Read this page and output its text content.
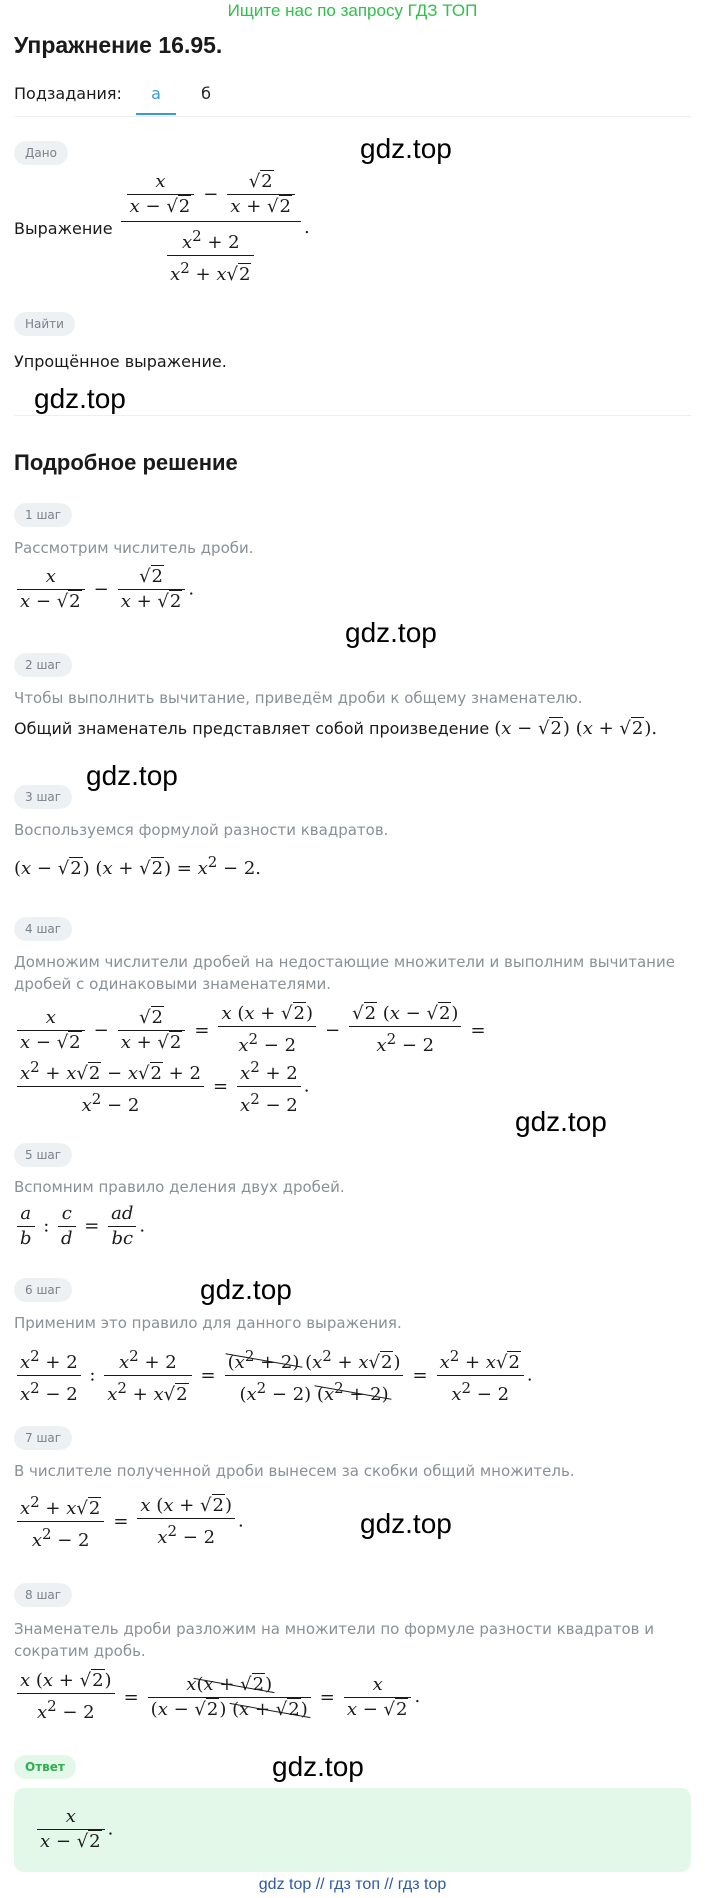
Ищите нас по запросу ГДЗ ТОП
Упражнение 16.95.
Подзадания:	а	б
Дано	gdz.top
Выражение $\frac{\frac{x}{x - √2} - \frac{√2}{x + √2}}{\frac{x^2 + 2}{x^2 + x√2}}$ .
Найти
Упрощённое выражение.
gdz.top
Подробное решение
1 шаг
Рассмотрим числитель дроби.
$\frac{x}{x - √2} - \frac{√2}{x + √2}$ .
gdz.top
2 шаг
Чтобы выполнить вычитание, приведём дроби к общему знаменателю.
Общий знаменатель представляет собой произведение (x − √2) (x + √2).
gdz.top
3 шаг
Воспользуемся формулой разности квадратов.
(x − √2) $(x + √2) = x^2 - 2$.
4 шаг
Домножим числители дробей на недостающие множители и выполним вычитание дробей с одинаковыми знаменателями.
$\frac{x}{x - √2} - \frac{√2}{x + √2} = \frac{x (x + √2)}{x^2 - 2} - \frac{√2 (x - √2)}{x^2 - 2}$ =
$\frac{x^2 + x√2 - x√2 + 2}{x^2 - 2} = \frac{x^2 + 2}{x^2 - 2}$ .
gdz.top
5 шаг
Вспомним правило деления двух дробей.
$\frac{a}{b}$ : $\frac{c}{d} = \frac{ad}{bc}$ .
gdz.top
6 шаг
Применим это правило для данного выражения.
$\frac{x^2 + 2}{x^2 - 2}$ : $\frac{x^2 + 2}{x^2 + x√2} = \frac{(x^2 + 2) (x^2 + x√2)}{(x^2 - 2) (x^2 + 2)} = \frac{x^2 + x√2}{x^2 - 2}$ .
7 шаг
В числителе полученной дроби вынесем за скобки общий множитель.
$\frac{x^2 + x√2}{x^2 - 2} = \frac{x (x + √2)}{x^2 - 2}$ .	gdz.top
8 шаг
Знаменатель дроби разложим на множители по формуле разности квадратов и сократим дробь.
$\frac{x (x + √2)}{x^2 - 2} = \frac{x(x + √2)}{(x - √2) (x + √2)} = \frac{x}{x - √2}$ .
Ответ	gdz.top
$\frac{x}{x - √2}$ .
gdz top // гдз топ // гдз top
